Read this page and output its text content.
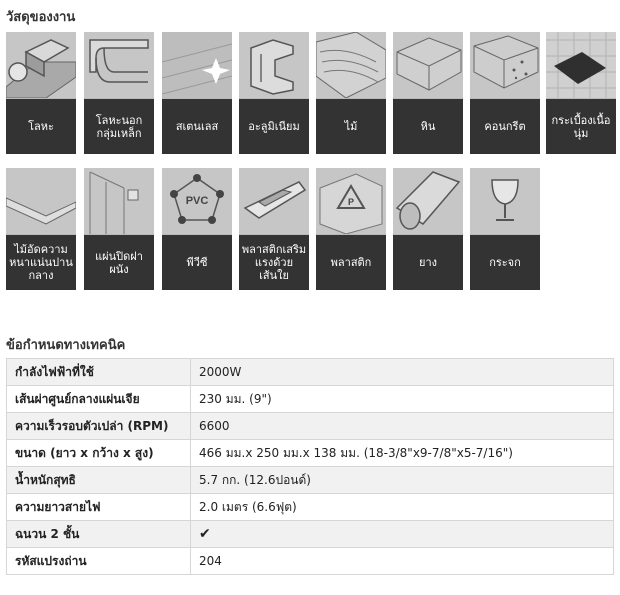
วัสดุของงาน
โลหะ	โลหะนอกกลุ่มเหล็ก	สเตนเลส	อะลูมิเนียม	ไม้	หิน	คอนกรีต	กระเบื้องเนื้อนุ่ม
ไม้อัดความหนาแน่นปานกลาง
แผ่นปิดฝาผนัง
PVC
พีวีซี
พลาสติกเสริมแรงด้วยเส้นใย
P
พลาสติก	ยาง	กระจก
ข้อกำหนดทางเทคนิค
กำลังไฟฟ้าที่ใช้	2000W
เส้นผ่าศูนย์กลางแผ่นเจีย	230 มม. (9")
ความเร็วรอบตัวเปล่า (RPM)	6600
ขนาด (ยาว x กว้าง x สูง)	466 มม.x 250 มม.x 138 มม. (18-3/8"x9-7/8"x5-7/16")
น้ำหนักสุทธิ	5.7 กก. (12.6ปอนด์)
ความยาวสายไฟ	2.0 เมตร (6.6ฟุต)
ฉนวน 2 ชั้น	✔
รหัสแปรงถ่าน	204
